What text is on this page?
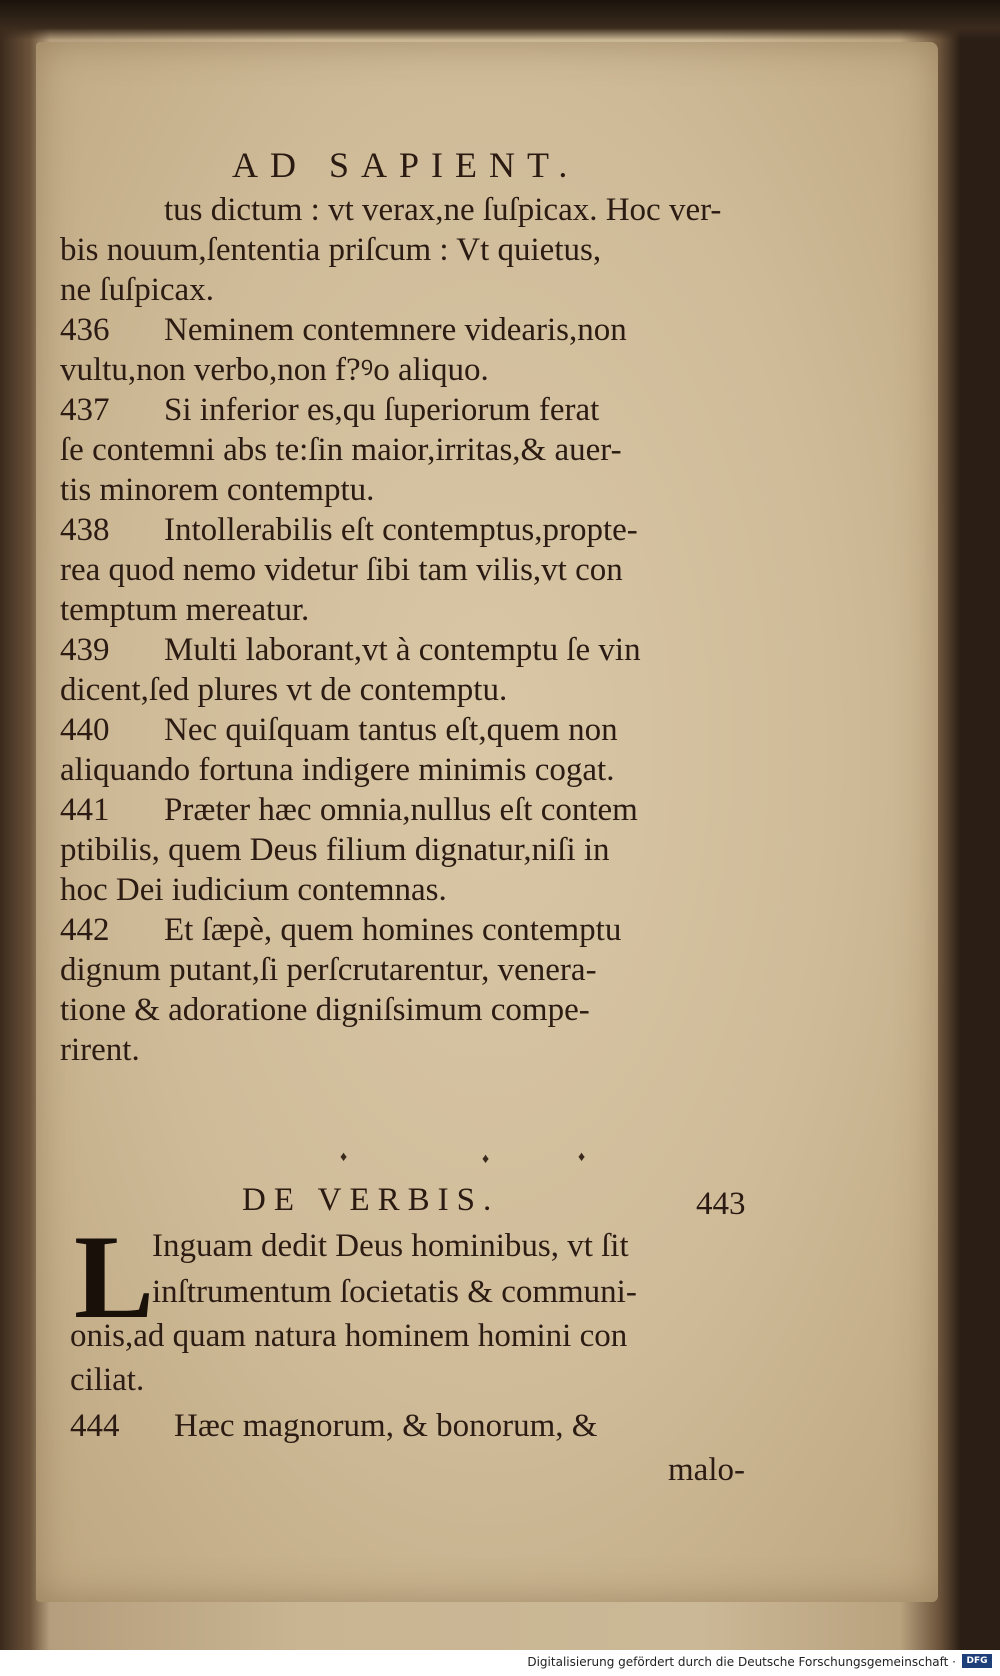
AD SAPIENT.
tus dictum : vt verax,ne ſuſpicax. Hoc ver-
bis nouum,ſententia priſcum : Vt quietus,
ne ſuſpicax.
436 Neminem contemnere videaris,non
vultu,non verbo,non f?ꝰo aliquo.
437 Si inferior es,qu ſuperiorum ferat
ſe contemni abs te:ſin maior,irritas,& auer-
tis minorem contemptu.
438 Intollerabilis eſt contemptus,propte-
rea quod nemo videtur ſibi tam vilis,vt con
temptum mereatur.
439 Multi laborant,vt à contemptu ſe vin
dicent,ſed plures vt de contemptu.
440 Nec quiſquam tantus eſt,quem non
aliquando fortuna indigere minimis cogat.
441 Præter hæc omnia,nullus eſt contem
ptibilis, quem Deus filium dignatur,niſi in
hoc Dei iudicium contemnas.
442 Et ſæpè, quem homines contemptu
dignum putant,ſi perſcrutarentur, venera-
tione & adoratione digniſsimum compe-
rirent.
♦	♦	♦
DE VERBIS.	443
L
Inguam dedit Deus hominibus, vt ſit
inſtrumentum ſocietatis & communi-
onis,ad quam natura hominem homini con
ciliat.
444 Hæc magnorum, & bonorum, &
malo-
Digitalisierung gefördert durch die Deutsche Forschungsgemeinschaft ·	DFG
